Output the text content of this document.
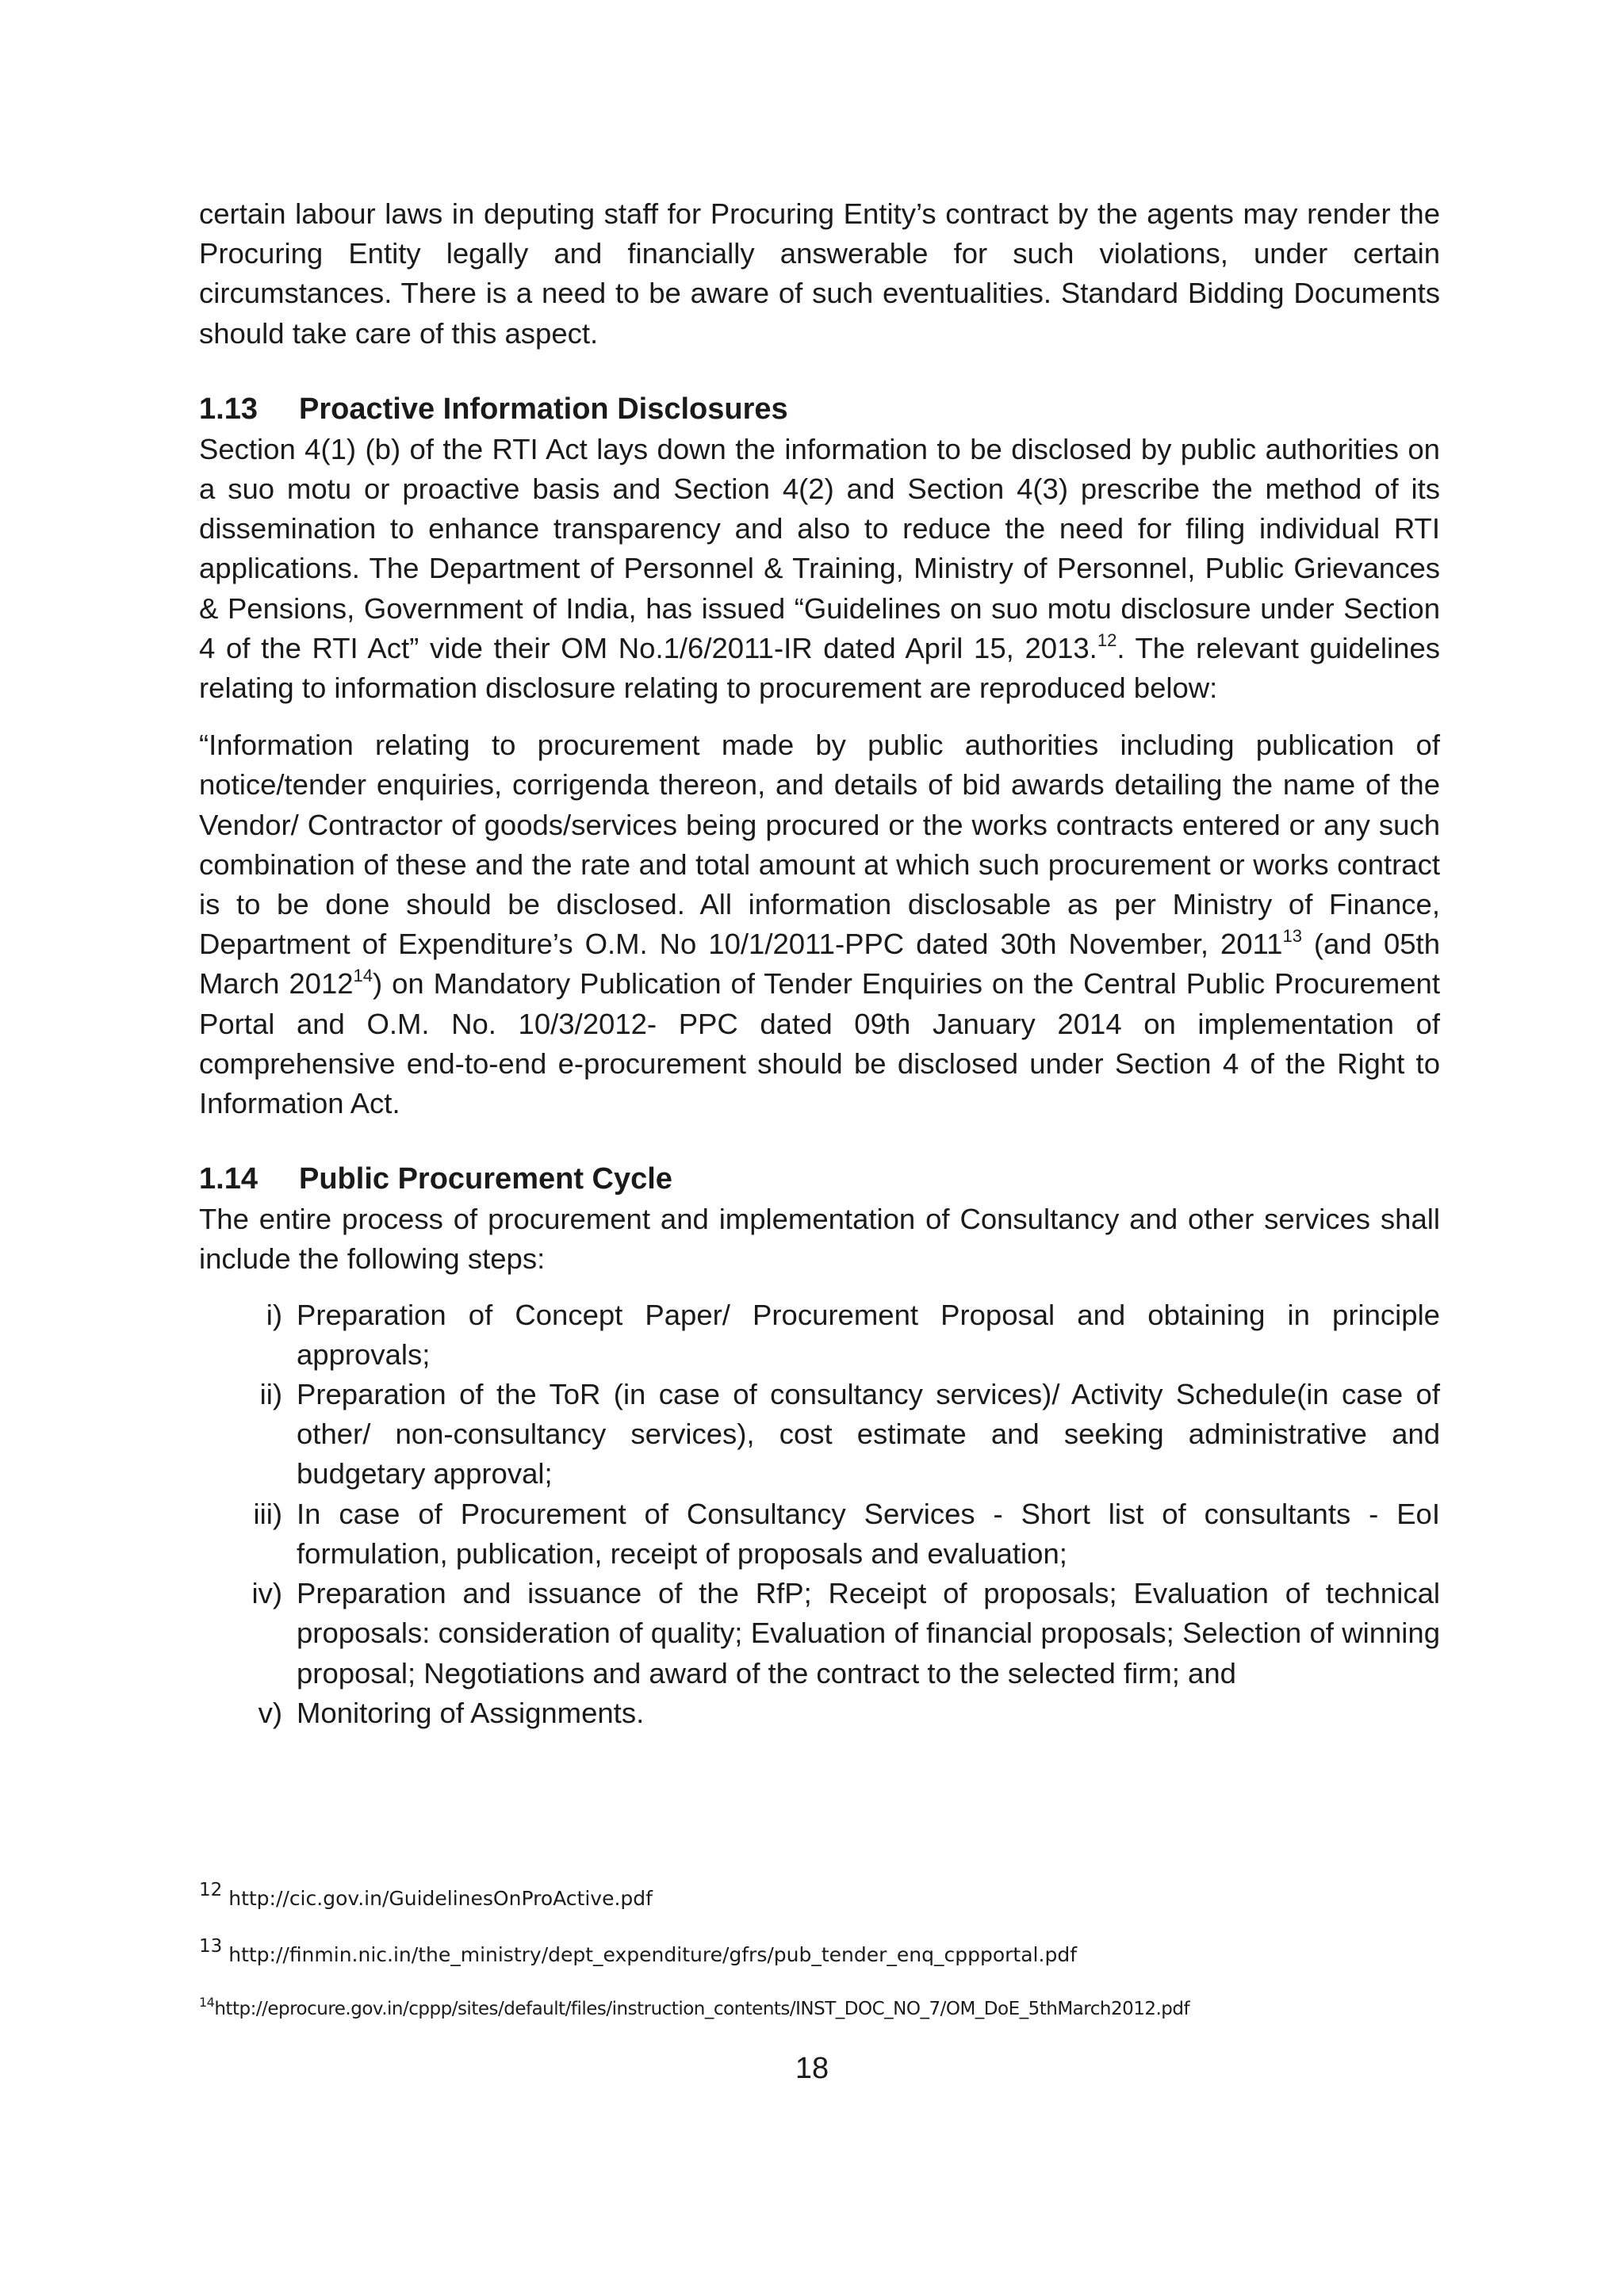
certain labour laws in deputing staff for Procuring Entity’s contract by the agents may render the Procuring Entity legally and financially answerable for such violations, under certain circumstances. There is a need to be aware of such eventualities. Standard Bidding Documents should take care of this aspect.

1.13 Proactive Information Disclosures

Section 4(1) (b) of the RTI Act lays down the information to be disclosed by public authorities on a suo motu or proactive basis and Section 4(2) and Section 4(3) prescribe the method of its dissemination to enhance transparency and also to reduce the need for filing individual RTI applications. The Department of Personnel & Training, Ministry of Personnel, Public Grievances & Pensions, Government of India, has issued “Guidelines on suo motu disclosure under Section 4 of the RTI Act” vide their OM No.1/6/2011-IR dated April 15, 2013.12. The relevant guidelines relating to information disclosure relating to procurement are reproduced below:

“Information relating to procurement made by public authorities including publication of notice/tender enquiries, corrigenda thereon, and details of bid awards detailing the name of the Vendor/ Contractor of goods/services being procured or the works contracts entered or any such combination of these and the rate and total amount at which such procurement or works contract is to be done should be disclosed. All information disclosable as per Ministry of Finance, Department of Expenditure’s O.M. No 10/1/2011-PPC dated 30th November, 2011$^{13}$ (and 05th March 2012$^{14}$) on Mandatory Publication of Tender Enquiries on the Central Public Procurement Portal and O.M. No. 10/3/2012- PPC dated 09th January 2014 on implementation of comprehensive end-to-end e-procurement should be disclosed under Section 4 of the Right to Information Act.

1.14 Public Procurement Cycle

The entire process of procurement and implementation of Consultancy and other services shall include the following steps:

i) Preparation of Concept Paper/ Procurement Proposal and obtaining in principle approvals;
ii) Preparation of the ToR (in case of consultancy services)/ Activity Schedule(in case of other/ non-consultancy services), cost estimate and seeking administrative and budgetary approval;
iii) In case of Procurement of Consultancy Services - Short list of consultants - EoI formulation, publication, receipt of proposals and evaluation;
iv) Preparation and issuance of the RfP; Receipt of proposals; Evaluation of technical proposals: consideration of quality; Evaluation of financial proposals; Selection of winning proposal; Negotiations and award of the contract to the selected firm; and
v) Monitoring of Assignments.
$^{12}$ http://cic.gov.in/GuidelinesOnProActive.pdf
$^{13}$ http://finmin.nic.in/the_ministry/dept_expenditure/gfrs/pub_tender_enq_cppportal.pdf
$^{14}$http://eprocure.gov.in/cppp/sites/default/files/instruction_contents/INST_DOC_NO_7/OM_DoE_5thMarch2012.pdf
18
